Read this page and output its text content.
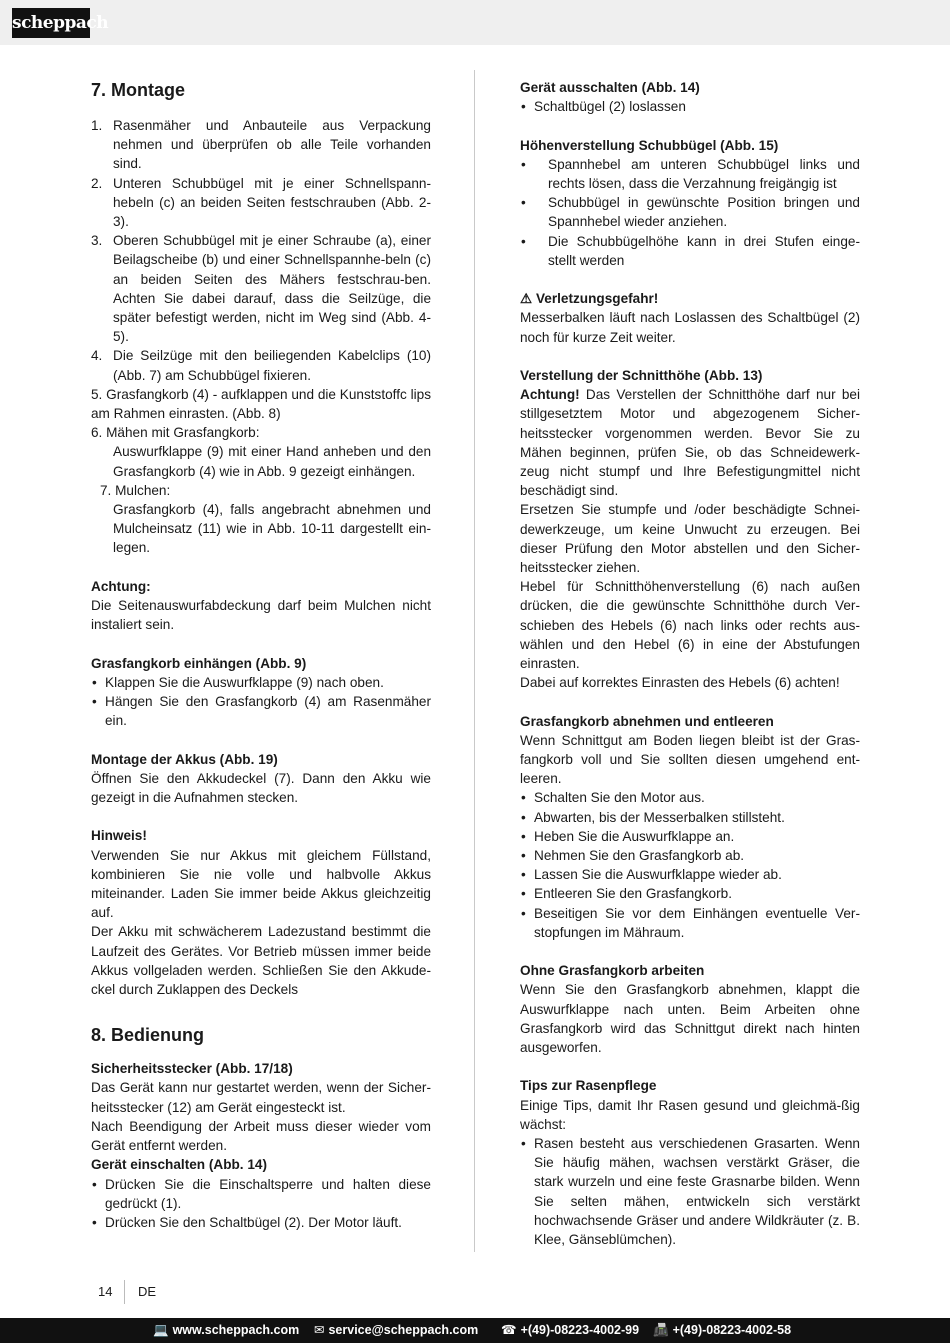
scheppach
7. Montage
1. Rasenmäher und Anbauteile aus Verpackung nehmen und überprüfen ob alle Teile vorhanden sind.
2. Unteren Schubbügel mit je einer Schnellspann-hebeln (c) an beiden Seiten festschrauben (Abb. 2-3).
3. Oberen Schubbügel mit je einer Schraube (a), einer Beilagscheibe (b) und einer Schnellspannhe-beln (c) an beiden Seiten des Mähers festschrau-ben. Achten Sie dabei darauf, dass die Seilzüge, die später befestigt werden, nicht im Weg sind (Abb. 4-5).
4. Die Seilzüge mit den beiliegenden Kabelclips (10) (Abb. 7) am Schubbügel fixieren.
5. Grasfangkorb (4) - aufklappen und die Kunststoffc lips am Rahmen einrasten. (Abb. 8)
6. Mähen mit Grasfangkorb:
Auswurfklappe (9) mit einer Hand anheben und den Grasfangkorb (4) wie in Abb. 9 gezeigt einhängen.
7. Mulchen:
Grasfangkorb (4), falls angebracht abnehmen und Mulcheinsatz (11) wie in Abb. 10-11 dargestellt ein-legen.
Achtung:
Die Seitenauswurfabdeckung darf beim Mulchen nicht instaliert sein.
Grasfangkorb einhängen (Abb. 9)
• Klappen Sie die Auswurfklappe (9) nach oben.
• Hängen Sie den Grasfangkorb (4) am Rasenmäher ein.
Montage der Akkus (Abb. 19)
Öffnen Sie den Akkudeckel (7). Dann den Akku wie gezeigt in die Aufnahmen stecken.
Hinweis!
Verwenden Sie nur Akkus mit gleichem Füllstand, kombinieren Sie nie volle und halbvolle Akkus miteinander. Laden Sie immer beide Akkus gleichzeitig auf.
Der Akku mit schwächerem Ladezustand bestimmt die Laufzeit des Gerätes. Vor Betrieb müssen immer beide Akkus vollgeladen werden. Schließen Sie den Akkude-ckel durch Zuklappen des Deckels
8. Bedienung
Sicherheitsstecker (Abb. 17/18)
Das Gerät kann nur gestartet werden, wenn der Sicher-heitsstecker (12) am Gerät eingesteckt ist.
Nach Beendigung der Arbeit muss dieser wieder vom Gerät entfernt werden.
Gerät einschalten (Abb. 14)
• Drücken Sie die Einschaltsperre und halten diese gedrückt (1).
• Drücken Sie den Schaltbügel (2). Der Motor läuft.
Gerät ausschalten (Abb. 14)
• Schaltbügel (2) loslassen
Höhenverstellung Schubbügel (Abb. 15)
• Spannhebel am unteren Schubbügel links und rechts lösen, dass die Verzahnung freigängig ist
• Schubbügel in gewünschte Position bringen und Spannhebel wieder anziehen.
• Die Schubbügelhöhe kann in drei Stufen einge-stellt werden
⚠ Verletzungsgefahr!
Messerbalken läuft nach Loslassen des Schaltbügel (2) noch für kurze Zeit weiter.
Verstellung der Schnitthöhe (Abb. 13)
Achtung! Das Verstellen der Schnitthöhe darf nur bei stillgesetztem Motor und abgezogenem Sicher-heitsstecker vorgenommen werden. Bevor Sie zu Mähen beginnen, prüfen Sie, ob das Schneidewerk-zeug nicht stumpf und Ihre Befestigungmittel nicht beschädigt sind.
Ersetzen Sie stumpfe und /oder beschädigte Schnei-dewerkzeuge, um keine Unwucht zu erzeugen. Bei dieser Prüfung den Motor abstellen und den Sicher-heitsstecker ziehen.
Hebel für Schnitthöhenverstellung (6) nach außen drücken, die die gewünschte Schnitthöhe durch Ver-schieben des Hebels (6) nach links oder rechts aus-wählen und den Hebel (6) in eine der Abstufungen einrasten.
Dabei auf korrektes Einrasten des Hebels (6) achten!
Grasfangkorb abnehmen und entleeren
Wenn Schnittgut am Boden liegen bleibt ist der Gras-fangkorb voll und Sie sollten diesen umgehend ent-leeren.
• Schalten Sie den Motor aus.
• Abwarten, bis der Messerbalken stillsteht.
• Heben Sie die Auswurfklappe an.
• Nehmen Sie den Grasfangkorb ab.
• Lassen Sie die Auswurfklappe wieder ab.
• Entleeren Sie den Grasfangkorb.
• Beseitigen Sie vor dem Einhängen eventuelle Ver-stopfungen im Mähraum.
Ohne Grasfangkorb arbeiten
Wenn Sie den Grasfangkorb abnehmen, klappt die Auswurfklappe nach unten. Beim Arbeiten ohne Grasfangkorb wird das Schnittgut direkt nach hinten ausgeworfen.
Tips zur Rasenpflege
Einige Tips, damit Ihr Rasen gesund und gleichmä-ßig wächst:
• Rasen besteht aus verschiedenen Grasarten. Wenn Sie häufig mähen, wachsen verstärkt Gräser, die stark wurzeln und eine feste Grasnarbe bilden. Wenn Sie selten mähen, entwickeln sich verstärkt hochwachsende Gräser und andere Wildkräuter (z. B. Klee, Gänseblümchen).
14 DE
💻 www.scheppach.com ✉ service@scheppach.com ☎ +(49)-08223-4002-99 📠 +(49)-08223-4002-58
